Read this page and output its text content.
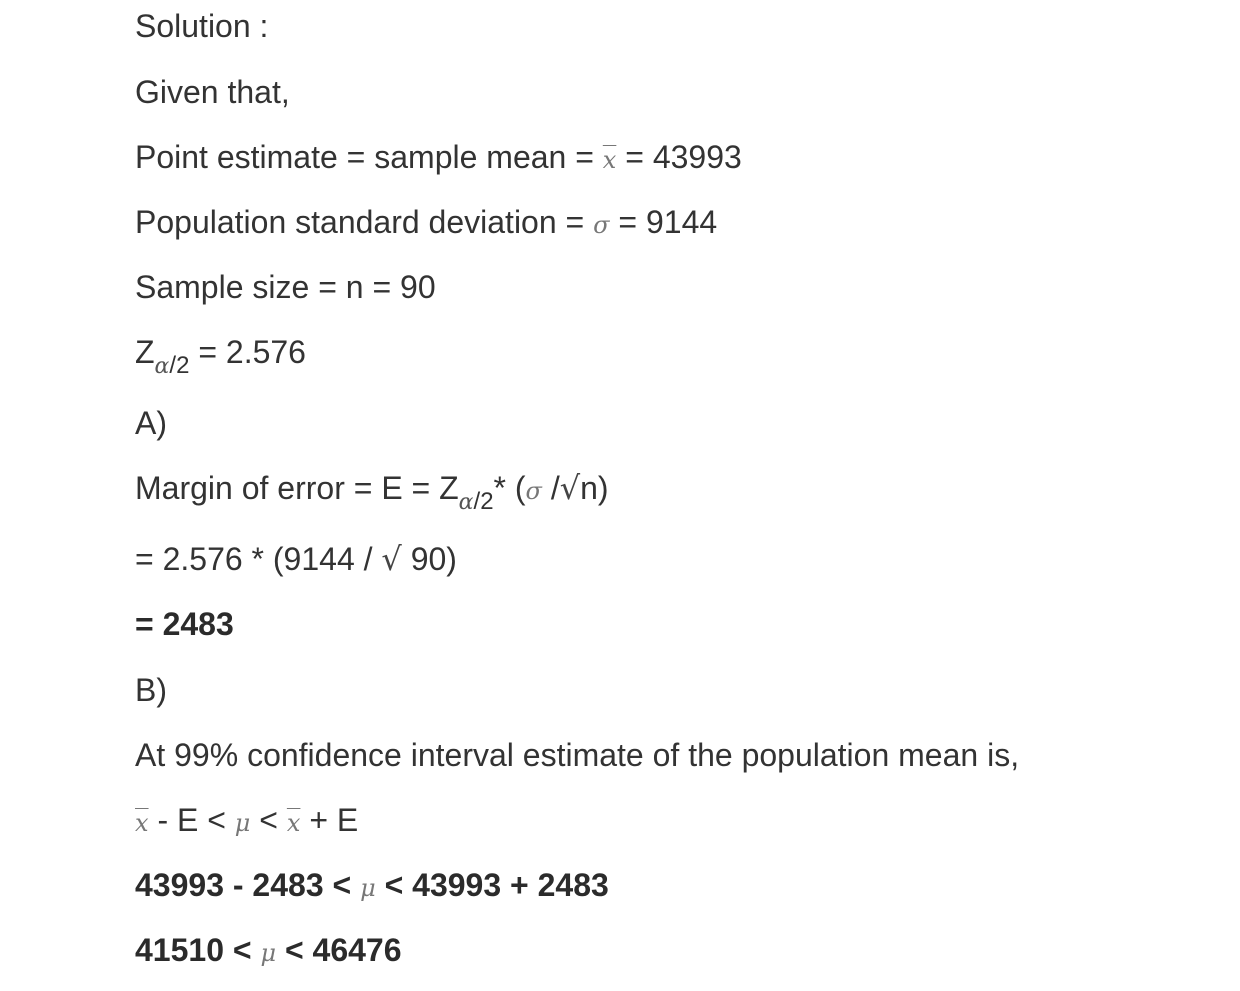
Solution :
Given that,
Point estimate = sample mean = $\overline{x} = 43993$
Population standard deviation = σ = 9144
Sample size = n = 90
$Z_{\alpha/2} = 2.576$
A)
Margin of error = $E = Z_{\alpha/2}*$ (σ /√n)
= 2.576 * (9144 / √ 90)
= 2483
B)
At 99% confidence interval estimate of the population mean is,
$\overline{x} - E < \mu < \overline{x} + E$
43993 - 2483 < μ < 43993 + 2483
41510 < μ < 46476
